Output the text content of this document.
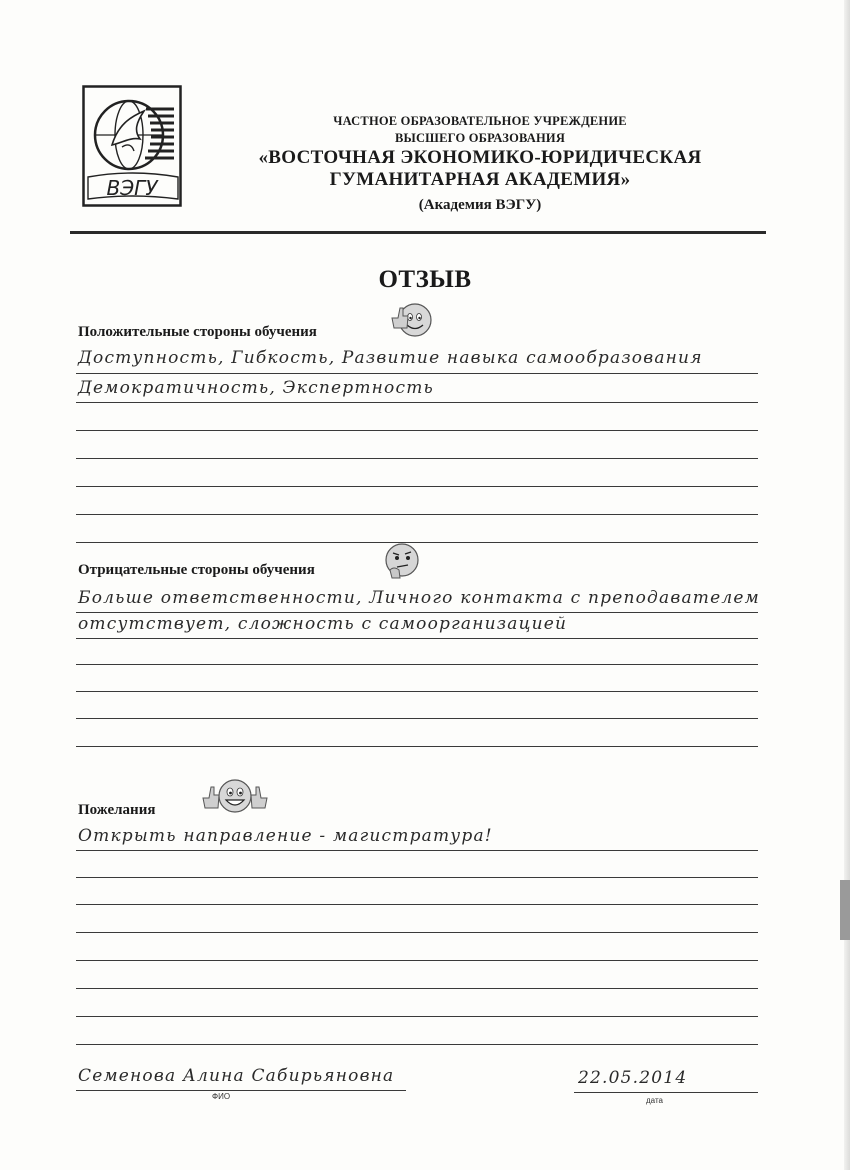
ВЭГУ
ЧАСТНОЕ ОБРАЗОВАТЕЛЬНОЕ УЧРЕЖДЕНИЕ
ВЫСШЕГО ОБРАЗОВАНИЯ
«ВОСТОЧНАЯ ЭКОНОМИКО-ЮРИДИЧЕСКАЯ
ГУМАНИТАРНАЯ АКАДЕМИЯ»
(Академия ВЭГУ)
ОТЗЫВ
Положительные стороны обучения
Доступность, Гибкость, Развитие навыка самообразования
Демократичность, Экспертность
Отрицательные стороны обучения
Больше ответственности, Личного контакта с преподавателем
отсутствует, сложность с самоорганизацией
Пожелания
Открыть направление - магистратура!
Семенова Алина Сабирьяновна
ФИО
22.05.2014
дата
